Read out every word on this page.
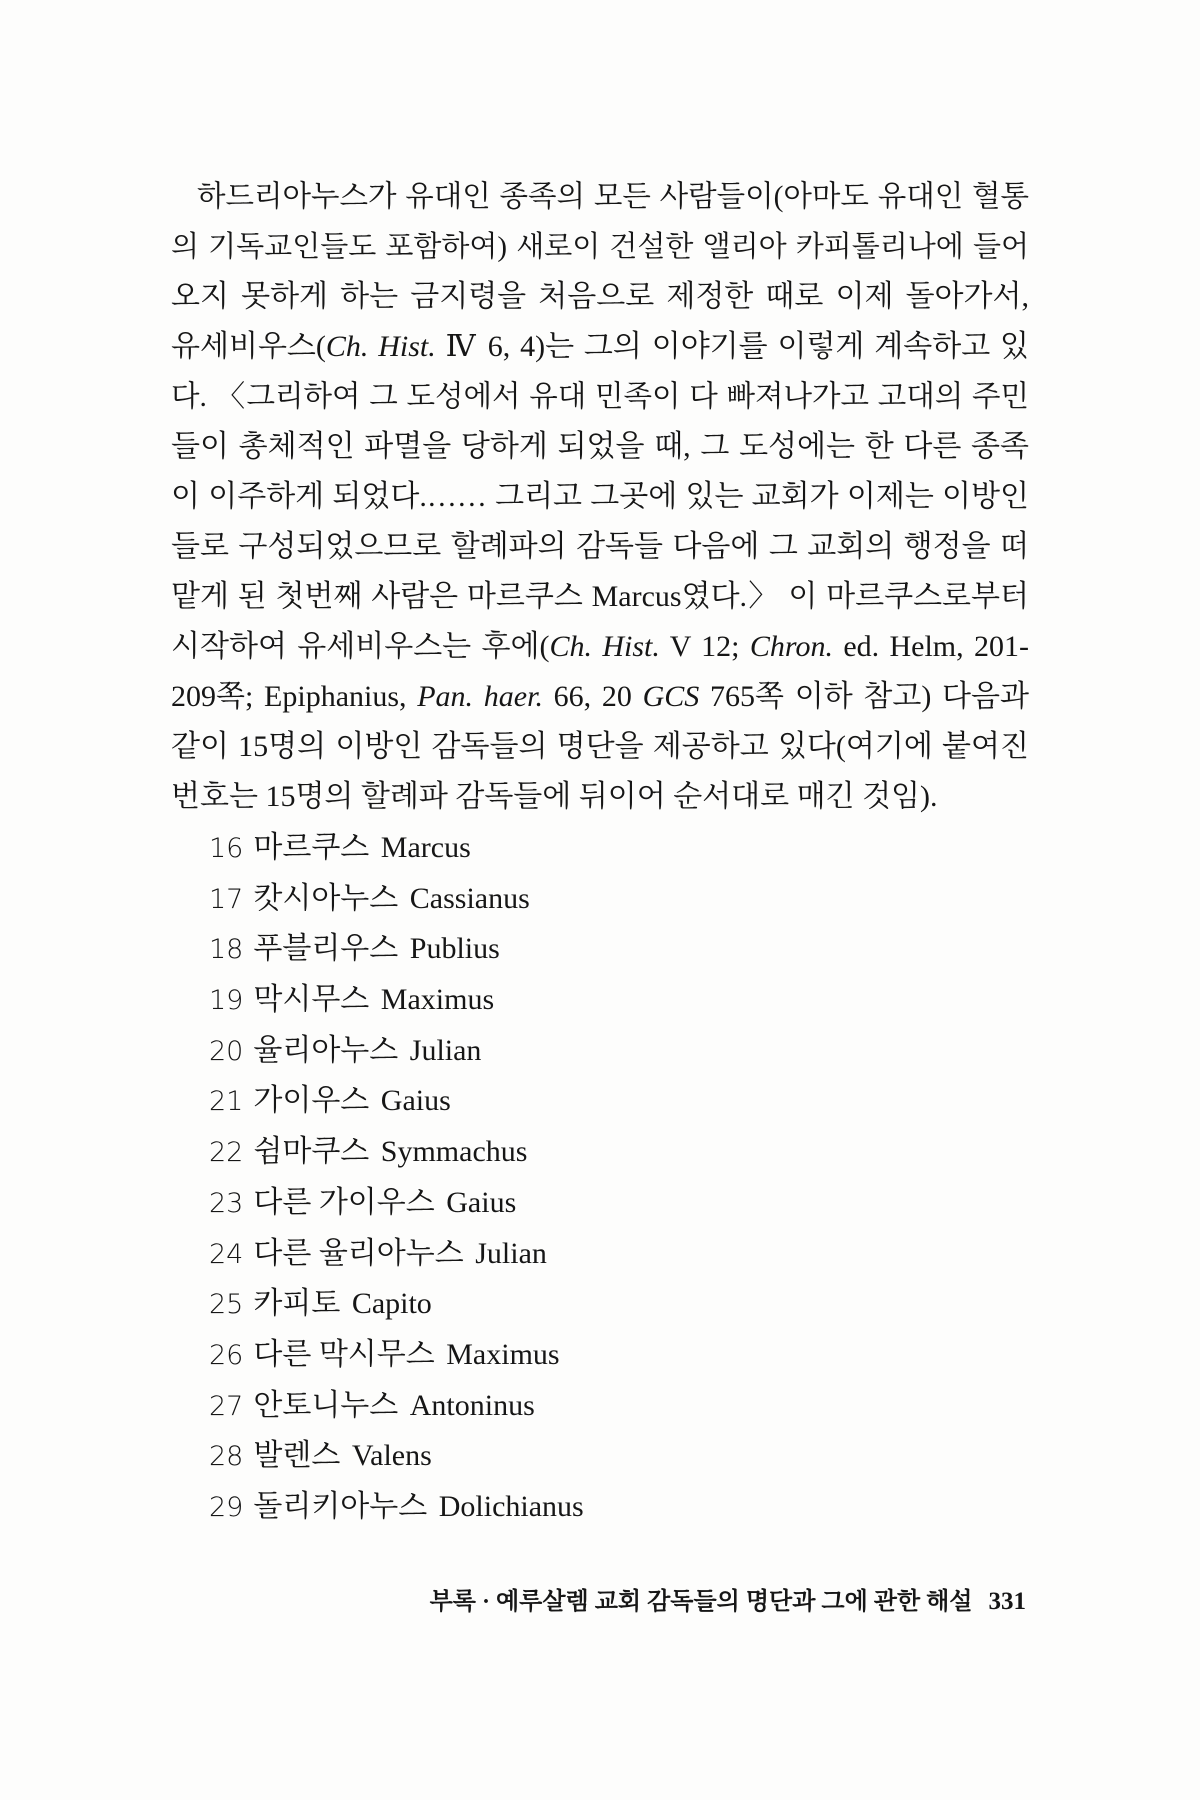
하드리아누스가 유대인 종족의 모든 사람들이(아마도 유대인 혈통
의 기독교인들도 포함하여) 새로이 건설한 앨리아 카피톨리나에 들어
오지 못하게 하는 금지령을 처음으로 제정한 때로 이제 돌아가서,
유세비우스(Ch. Hist. Ⅳ 6, 4)는 그의 이야기를 이렇게 계속하고 있
다. 〈그리하여 그 도성에서 유대 민족이 다 빠져나가고 고대의 주민
들이 총체적인 파멸을 당하게 되었을 때, 그 도성에는 한 다른 종족
이 이주하게 되었다.…… 그리고 그곳에 있는 교회가 이제는 이방인
들로 구성되었으므로 할례파의 감독들 다음에 그 교회의 행정을 떠
맡게 된 첫번째 사람은 마르쿠스 Marcus였다.〉 이 마르쿠스로부터
시작하여 유세비우스는 후에(Ch. Hist. V 12; Chron. ed. Helm, 201-
209쪽; Epiphanius, Pan. haer. 66, 20 GCS 765쪽 이하 참고) 다음과
같이 15명의 이방인 감독들의 명단을 제공하고 있다(여기에 붙여진
번호는 15명의 할례파 감독들에 뒤이어 순서대로 매긴 것임).
16 마르쿠스 Marcus
17 캇시아누스 Cassianus
18 푸블리우스 Publius
19 막시무스 Maximus
20 율리아누스 Julian
21 가이우스 Gaius
22 쉼마쿠스 Symmachus
23 다른 가이우스 Gaius
24 다른 율리아누스 Julian
25 카피토 Capito
26 다른 막시무스 Maximus
27 안토니누스 Antoninus
28 발렌스 Valens
29 돌리키아누스 Dolichianus
부록 · 예루살렘 교회 감독들의 명단과 그에 관한 해설 331
